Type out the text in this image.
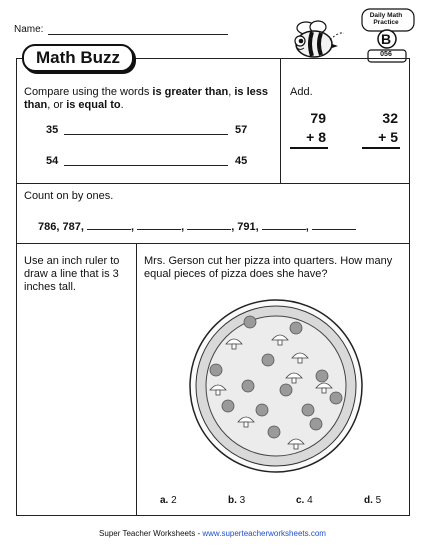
Name:
Daily Math
Practice
B
056
Math Buzz
Compare using the words is greater than, is less than, or is equal to.
35	57
54	45
Add.
79
+ 8
32
+ 5
Count on by ones.
786, 787,	,	,	, 791,	,
Use an inch ruler to draw a line that is 3 inches tall.
Mrs. Gerson cut her pizza into quarters. How many equal pieces of pizza does she have?
a. 2	b. 3	c. 4	d. 5
Super Teacher Worksheets - www.superteacherworksheets.com
